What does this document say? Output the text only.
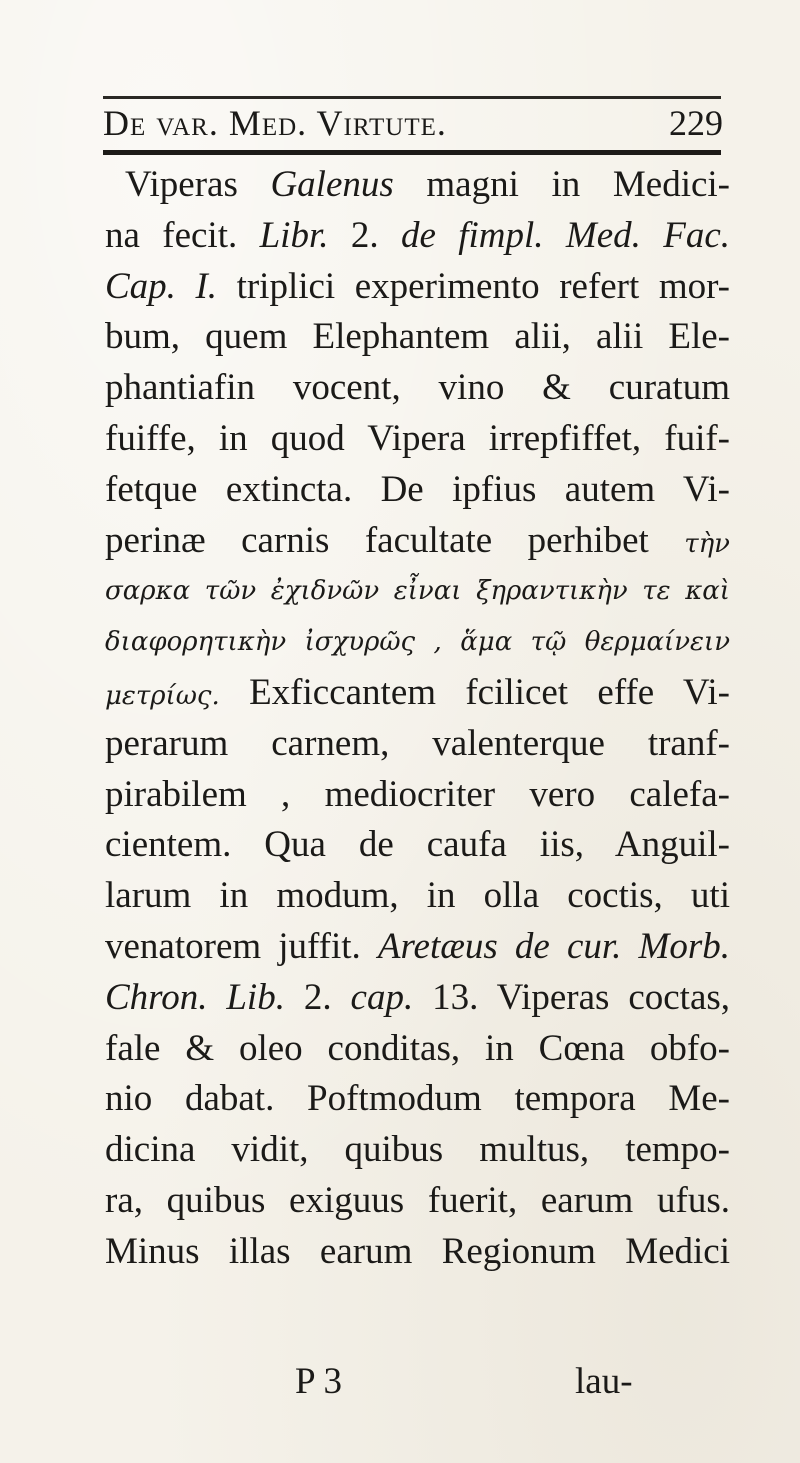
De var. Med. Virtute.	229
Viperas Galenus magni in Medici-
na fecit. Libr. 2. de fimpl. Med. Fac.
Cap. I. triplici experimento refert mor-
bum, quem Elephantem alii, alii Ele-
phantiafin vocent, vino & curatum
fuiffe, in quod Vipera irrepfiffet, fuif-
fetque extincta. De ipfius autem Vi-
perinæ carnis facultate perhibet τὴν
σαρκα τῶν ἐχιδνῶν εἶναι ξηραντικὴν τε καὶ
διαφορητικὴν ἰσχυρῶς , ἅμα τῷ θερμαίνειν
μετρίως. Exficcantem fcilicet effe Vi-
perarum carnem, valenterque tranf-
pirabilem , mediocriter vero calefa-
cientem. Qua de caufa iis, Anguil-
larum in modum, in olla coctis, uti
venatorem juffit. Aretæus de cur. Morb.
Chron. Lib. 2. cap. 13. Viperas coctas,
fale & oleo conditas, in Cœna obfo-
nio dabat. Poftmodum tempora Me-
dicina vidit, quibus multus, tempo-
ra, quibus exiguus fuerit, earum ufus.
Minus illas earum Regionum Medici
P 3	lau-
